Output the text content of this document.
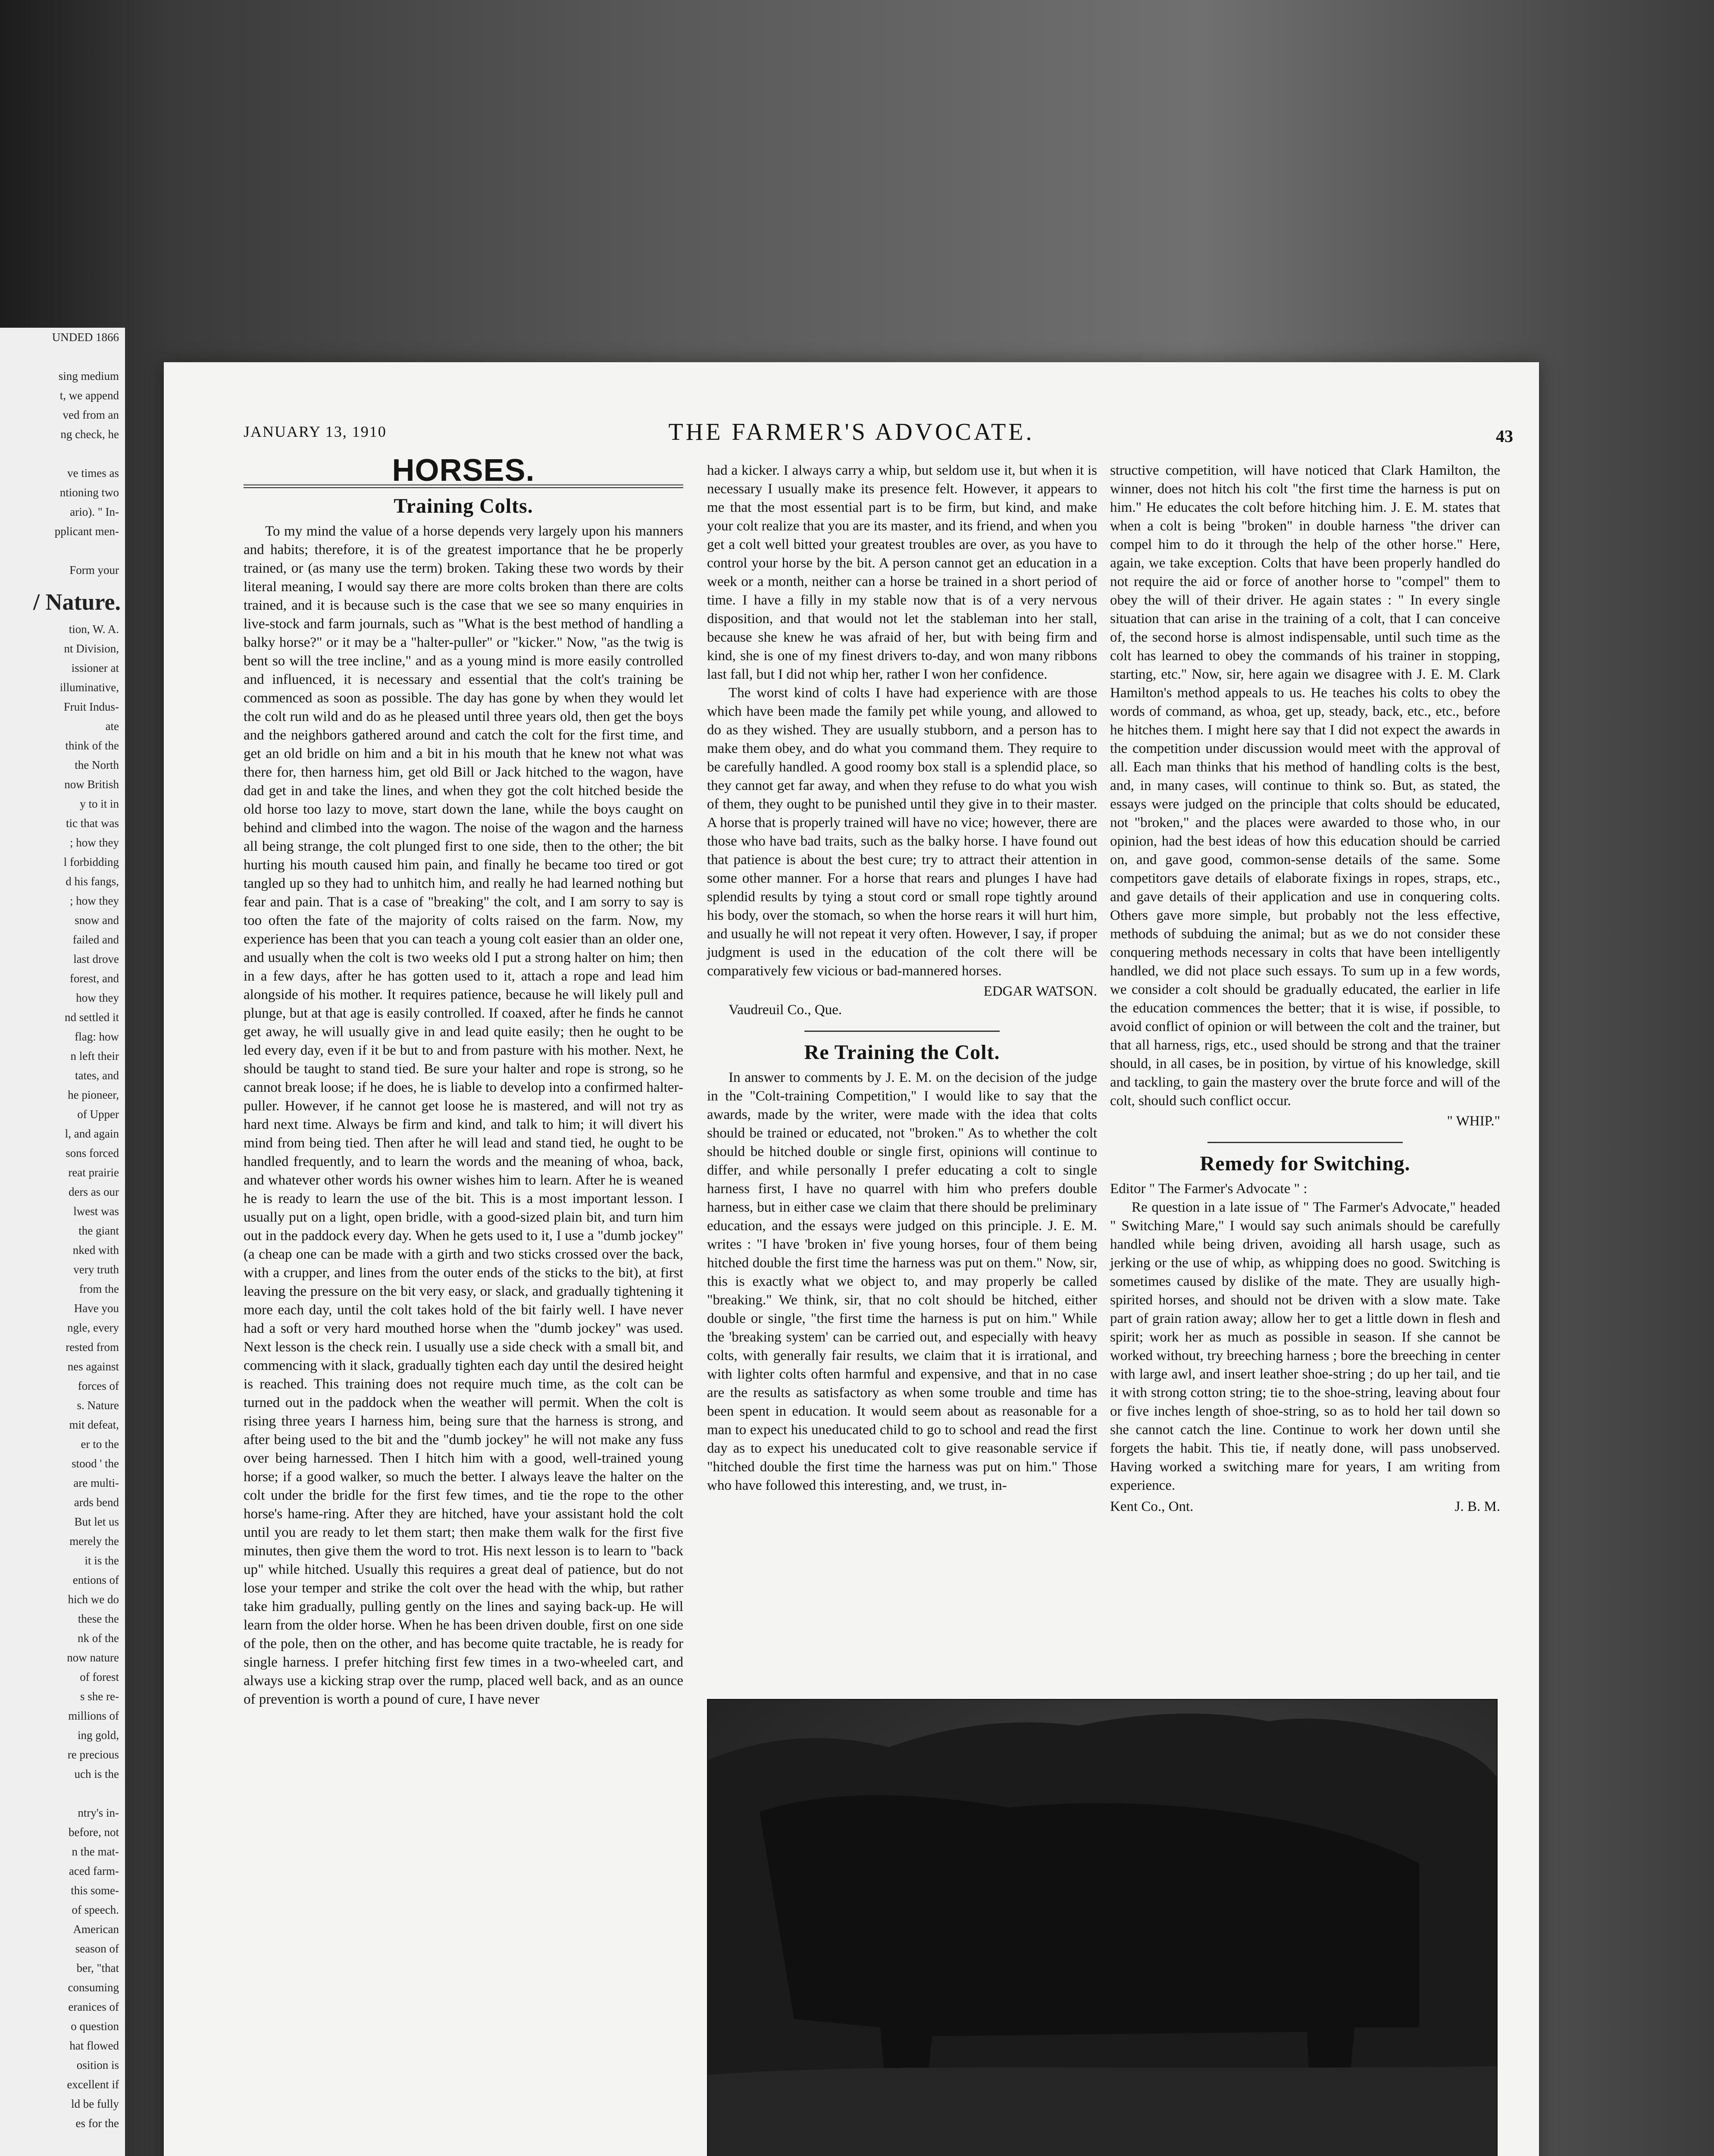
UNDED 1866

sing medium
t, we append
ved from an
ng check, he

ve times as
ntioning two
ario). " In-
pplicant men-

Form your
/ Nature.
tion, W. A.
nt Division,
issioner at
illuminative,
Fruit Indus-
ate
think of the
the North
now British
y to it in
tic that was
; how they
l forbidding
d his fangs,
; how they
snow and
failed and
last drove
forest, and
how they
nd settled it
flag: how
n left their
tates, and
he pioneer,
of Upper
l, and again
sons forced
reat prairie
ders as our
lwest was
the giant
nked with
very truth
from the
Have you
ngle, every
rested from
nes against
forces of
s. Nature
mit defeat,
er to the
stood ' the
are multi-
ards bend
But let us
merely the
it is the
entions of
hich we do
these the
nk of the
now nature
of forest
s she re-
millions of
ing gold,
re precious
uch is the

ntry's in-
before, not
n the mat-
aced farm-
this some-
of speech.
American
season of
ber, "that
consuming
eranices of
o question
hat flowed
osition is
excellent if
ld be fully
es for the

JANUARY 13, 1910	THE FARMER'S ADVOCATE.	43
HORSES.
Training Colts.

To my mind the value of a horse depends very largely upon his manners and habits; therefore, it is of the greatest importance that he be properly trained, or (as many use the term) broken. Taking these two words by their literal meaning, I would say there are more colts broken than there are colts trained, and it is because such is the case that we see so many enquiries in live-stock and farm journals, such as "What is the best method of handling a balky horse?" or it may be a "halter-puller" or "kicker." Now, "as the twig is bent so will the tree incline," and as a young mind is more easily controlled and influenced, it is necessary and essential that the colt's training be commenced as soon as possible. The day has gone by when they would let the colt run wild and do as he pleased until three years old, then get the boys and the neighbors gathered around and catch the colt for the first time, and get an old bridle on him and a bit in his mouth that he knew not what was there for, then harness him, get old Bill or Jack hitched to the wagon, have dad get in and take the lines, and when they got the colt hitched beside the old horse too lazy to move, start down the lane, while the boys caught on behind and climbed into the wagon. The noise of the wagon and the harness all being strange, the colt plunged first to one side, then to the other; the bit hurting his mouth caused him pain, and finally he became too tired or got tangled up so they had to unhitch him, and really he had learned nothing but fear and pain. That is a case of "breaking" the colt, and I am sorry to say is too often the fate of the majority of colts raised on the farm. Now, my experience has been that you can teach a young colt easier than an older one, and usually when the colt is two weeks old I put a strong halter on him; then in a few days, after he has gotten used to it, attach a rope and lead him alongside of his mother. It requires patience, because he will likely pull and plunge, but at that age is easily controlled. If coaxed, after he finds he cannot get away, he will usually give in and lead quite easily; then he ought to be led every day, even if it be but to and from pasture with his mother. Next, he should be taught to stand tied. Be sure your halter and rope is strong, so he cannot break loose; if he does, he is liable to develop into a confirmed halter-puller. However, if he cannot get loose he is mastered, and will not try as hard next time. Always be firm and kind, and talk to him; it will divert his mind from being tied. Then after he will lead and stand tied, he ought to be handled frequently, and to learn the words and the meaning of whoa, back, and whatever other words his owner wishes him to learn. After he is weaned he is ready to learn the use of the bit. This is a most important lesson. I usually put on a light, open bridle, with a good-sized plain bit, and turn him out in the paddock every day. When he gets used to it, I use a "dumb jockey" (a cheap one can be made with a girth and two sticks crossed over the back, with a crupper, and lines from the outer ends of the sticks to the bit), at first leaving the pressure on the bit very easy, or slack, and gradually tightening it more each day, until the colt takes hold of the bit fairly well. I have never had a soft or very hard mouthed horse when the "dumb jockey" was used. Next lesson is the check rein. I usually use a side check with a small bit, and commencing with it slack, gradually tighten each day until the desired height is reached. This training does not require much time, as the colt can be turned out in the paddock when the weather will permit. When the colt is rising three years I harness him, being sure that the harness is strong, and after being used to the bit and the "dumb jockey" he will not make any fuss over being harnessed. Then I hitch him with a good, well-trained young horse; if a good walker, so much the better. I always leave the halter on the colt under the bridle for the first few times, and tie the rope to the other horse's hame-ring. After they are hitched, have your assistant hold the colt until you are ready to let them start; then make them walk for the first five minutes, then give them the word to trot. His next lesson is to learn to "back up" while hitched. Usually this requires a great deal of patience, but do not lose your temper and strike the colt over the head with the whip, but rather take him gradually, pulling gently on the lines and saying back-up. He will learn from the older horse. When he has been driven double, first on one side of the pole, then on the other, and has become quite tractable, he is ready for single harness. I prefer hitching first few times in a two-wheeled cart, and always use a kicking strap over the rump, placed well back, and as an ounce of prevention is worth a pound of cure, I have never

had a kicker. I always carry a whip, but seldom use it, but when it is necessary I usually make its presence felt. However, it appears to me that the most essential part is to be firm, but kind, and make your colt realize that you are its master, and its friend, and when you get a colt well bitted your greatest troubles are over, as you have to control your horse by the bit. A person cannot get an education in a week or a month, neither can a horse be trained in a short period of time. I have a filly in my stable now that is of a very nervous disposition, and that would not let the stableman into her stall, because she knew he was afraid of her, but with being firm and kind, she is one of my finest drivers to-day, and won many ribbons last fall, but I did not whip her, rather I won her confidence.

The worst kind of colts I have had experience with are those which have been made the family pet while young, and allowed to do as they wished. They are usually stubborn, and a person has to make them obey, and do what you command them. They require to be carefully handled. A good roomy box stall is a splendid place, so they cannot get far away, and when they refuse to do what you wish of them, they ought to be punished until they give in to their master. A horse that is properly trained will have no vice; however, there are those who have bad traits, such as the balky horse. I have found out that patience is about the best cure; try to attract their attention in some other manner. For a horse that rears and plunges I have had splendid results by tying a stout cord or small rope tightly around his body, over the stomach, so when the horse rears it will hurt him, and usually he will not repeat it very often. However, I say, if proper judgment is used in the education of the colt there will be comparatively few vicious or bad-mannered horses.

EDGAR WATSON.

Vaudreuil Co., Que.

Re Training the Colt.

In answer to comments by J. E. M. on the decision of the judge in the "Colt-training Competition," I would like to say that the awards, made by the writer, were made with the idea that colts should be trained or educated, not "broken." As to whether the colt should be hitched double or single first, opinions will continue to differ, and while personally I prefer educating a colt to single harness first, I have no quarrel with him who prefers double harness, but in either case we claim that there should be preliminary education, and the essays were judged on this principle. J. E. M. writes : "I have 'broken in' five young horses, four of them being hitched double the first time the harness was put on them." Now, sir, this is exactly what we object to, and may properly be called "breaking." We think, sir, that no colt should be hitched, either double or single, "the first time the harness is put on him." While the 'breaking system' can be carried out, and especially with heavy colts, with generally fair results, we claim that it is irrational, and with lighter colts often harmful and expensive, and that in no case are the results as satisfactory as when some trouble and time has been spent in education. It would seem about as reasonable for a man to expect his uneducated child to go to school and read the first day as to expect his uneducated colt to give reasonable service if "hitched double the first time the harness was put on him." Those who have followed this interesting, and, we trust, in-

structive competition, will have noticed that Clark Hamilton, the winner, does not hitch his colt "the first time the harness is put on him." He educates the colt before hitching him. J. E. M. states that when a colt is being "broken" in double harness "the driver can compel him to do it through the help of the other horse." Here, again, we take exception. Colts that have been properly handled do not require the aid or force of another horse to "compel" them to obey the will of their driver. He again states : " In every single situation that can arise in the training of a colt, that I can conceive of, the second horse is almost indispensable, until such time as the colt has learned to obey the commands of his trainer in stopping, starting, etc." Now, sir, here again we disagree with J. E. M. Clark Hamilton's method appeals to us. He teaches his colts to obey the words of command, as whoa, get up, steady, back, etc., etc., before he hitches them. I might here say that I did not expect the awards in the competition under discussion would meet with the approval of all. Each man thinks that his method of handling colts is the best, and, in many cases, will continue to think so. But, as stated, the essays were judged on the principle that colts should be educated, not "broken," and the places were awarded to those who, in our opinion, had the best ideas of how this education should be carried on, and gave good, common-sense details of the same. Some competitors gave details of elaborate fixings in ropes, straps, etc., and gave details of their application and use in conquering colts. Others gave more simple, but probably not the less effective, methods of subduing the animal; but as we do not consider these conquering methods necessary in colts that have been intelligently handled, we did not place such essays. To sum up in a few words, we consider a colt should be gradually educated, the earlier in life the education commences the better; that it is wise, if possible, to avoid conflict of opinion or will between the colt and the trainer, but that all harness, rigs, etc., used should be strong and that the trainer should, in all cases, be in position, by virtue of his knowledge, skill and tackling, to gain the mastery over the brute force and will of the colt, should such conflict occur.

" WHIP."
Remedy for Switching.

Editor " The Farmer's Advocate " :

Re question in a late issue of " The Farmer's Advocate," headed " Switching Mare," I would say such animals should be carefully handled while being driven, avoiding all harsh usage, such as jerking or the use of whip, as whipping does no good. Switching is sometimes caused by dislike of the mate. They are usually high-spirited horses, and should not be driven with a slow mate. Take part of grain ration away; allow her to get a little down in flesh and spirit; work her as much as possible in season. If she cannot be worked without, try breeching harness ; bore the breeching in center with large awl, and insert leather shoe-string ; do up her tail, and tie it with strong cotton string; tie to the shoe-string, leaving about four or five inches length of shoe-string, so as to hold her tail down so she cannot catch the line. Continue to work her down until she forgets the habit. This tie, if neatly done, will pass unobserved. Having worked a switching mare for years, I am writing from experience.

Kent Co., Ont.	J. B. M.
